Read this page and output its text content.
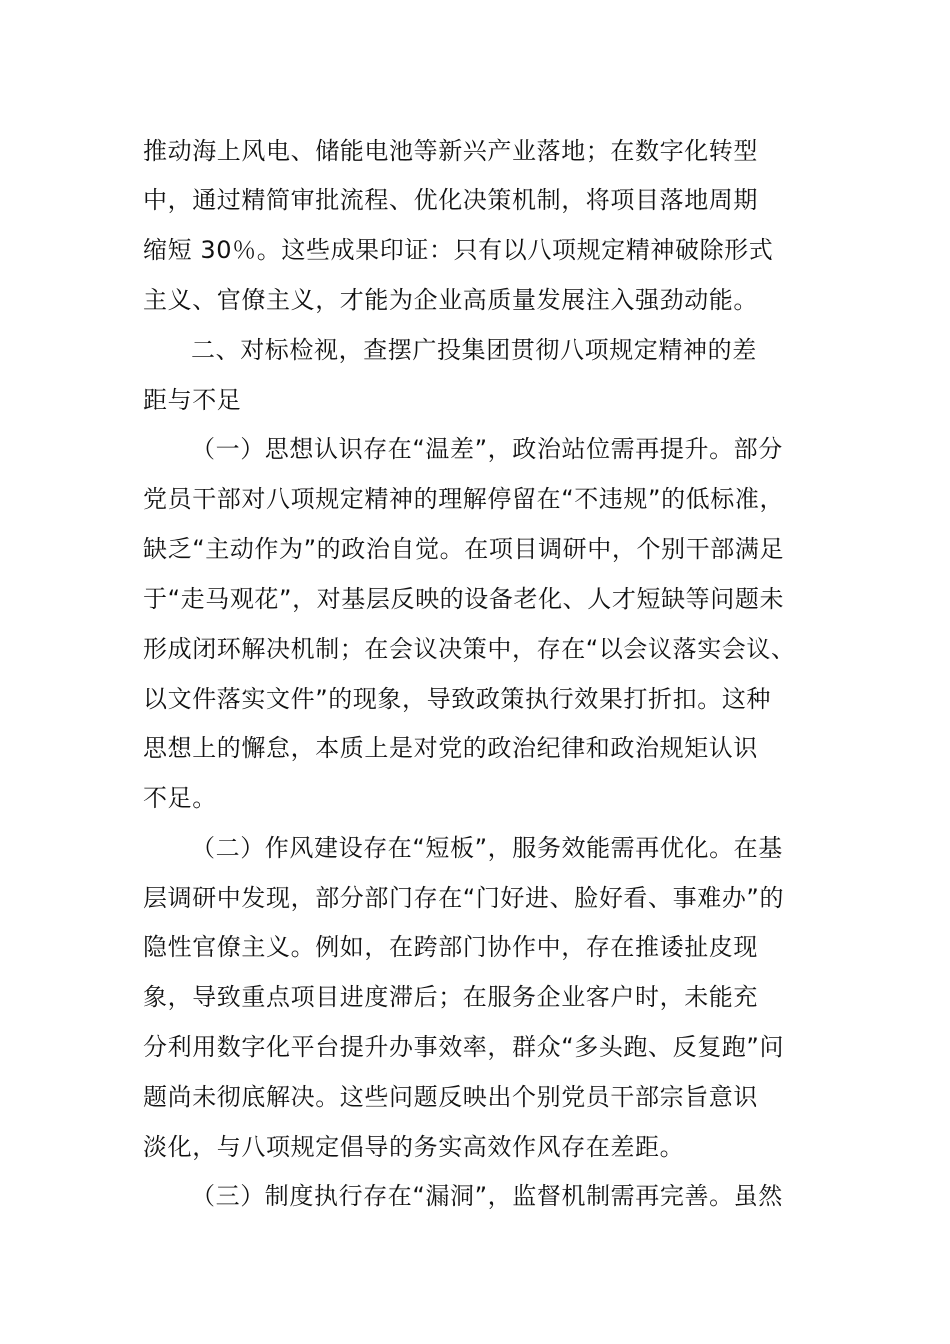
推动海上风电、储能电池等新兴产业落地；在数字化转型
中，通过精简审批流程、优化决策机制，将项目落地周期
缩短 30％。这些成果印证：只有以八项规定精神破除形式
主义、官僚主义，才能为企业高质量发展注入强劲动能。
二、对标检视，查摆广投集团贯彻八项规定精神的差
距与不足
（一）思想认识存在“温差”，政治站位需再提升。部分
党员干部对八项规定精神的理解停留在“不违规”的低标准，
缺乏“主动作为”的政治自觉。在项目调研中，个别干部满足
于“走马观花”，对基层反映的设备老化、人才短缺等问题未
形成闭环解决机制；在会议决策中，存在“以会议落实会议、
以文件落实文件”的现象，导致政策执行效果打折扣。这种
思想上的懈怠，本质上是对党的政治纪律和政治规矩认识
不足。
（二）作风建设存在“短板”，服务效能需再优化。在基
层调研中发现，部分部门存在“门好进、脸好看、事难办”的
隐性官僚主义。例如，在跨部门协作中，存在推诿扯皮现
象，导致重点项目进度滞后；在服务企业客户时，未能充
分利用数字化平台提升办事效率，群众“多头跑、反复跑”问
题尚未彻底解决。这些问题反映出个别党员干部宗旨意识
淡化，与八项规定倡导的务实高效作风存在差距。
（三）制度执行存在“漏洞”，监督机制需再完善。虽然
